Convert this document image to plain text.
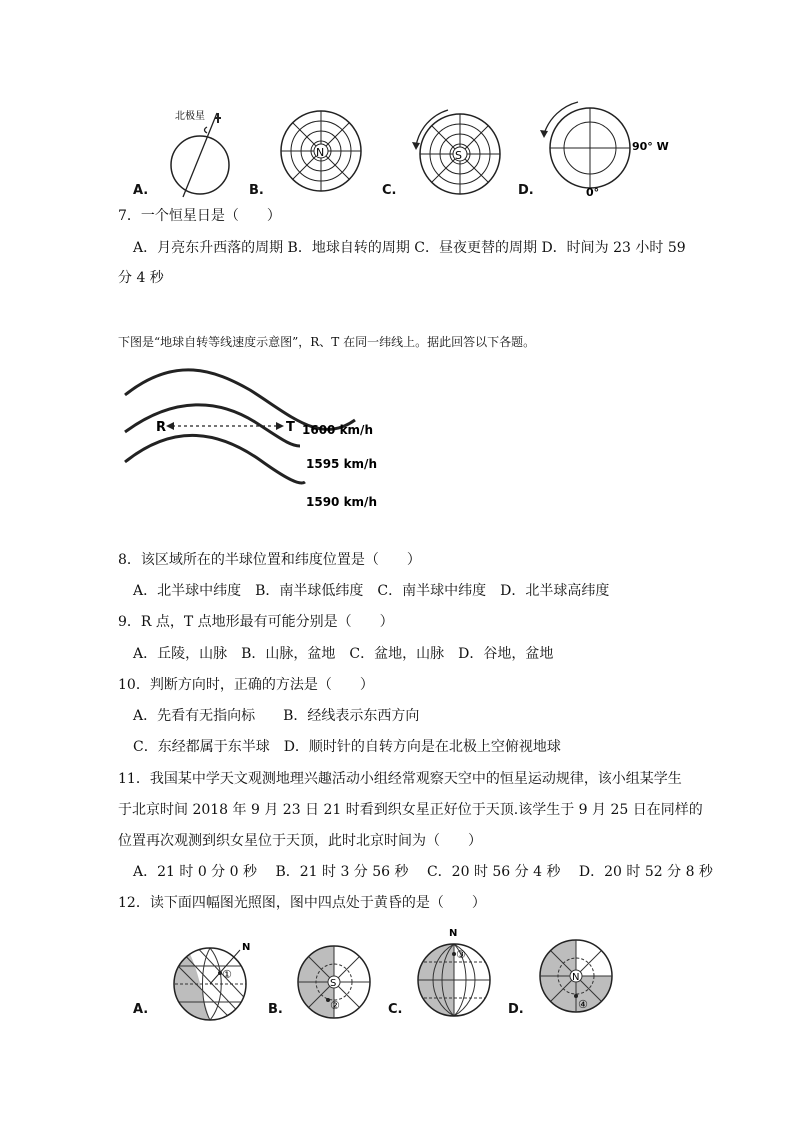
北极星
A.
N
B.
S
C.
90° W
0°
D.
7．一个恒星日是（　　）
A．月亮东升西落的周期 B．地球自转的周期 C．昼夜更替的周期 D．时间为 23 小时 59
分 4 秒
下图是“地球自转等线速度示意图”，R、T 在同一纬线上。据此回答以下各题。
R	T 1600 km/h
1595 km/h
1590 km/h
8．该区域所在的半球位置和纬度位置是（　　）
A．北半球中纬度　B．南半球低纬度　C．南半球中纬度　D．北半球高纬度
9．R 点，T 点地形最有可能分别是（　　）
A．丘陵，山脉　B．山脉，盆地　C．盆地，山脉　D．谷地，盆地
10．判断方向时，正确的方法是（　　）
A．先看有无指向标　　B．经线表示东西方向
C．东经都属于东半球　D．顺时针的自转方向是在北极上空俯视地球
11．我国某中学天文观测地理兴趣活动小组经常观察天空中的恒星运动规律，该小组某学生
于北京时间 2018 年 9 月 23 日 21 时看到织女星正好位于天顶.该学生于 9 月 25 日在同样的
位置再次观测到织女星位于天顶，此时北京时间为（　　）
A．21 时 0 分 0 秒　 B．21 时 3 分 56 秒　 C．20 时 56 分 4 秒　 D．20 时 52 分 8 秒
12．读下面四幅图光照图，图中四点处于黄昏的是（　　）
N
①
A.
S
②
B.
N
③
C.
N
④
D.
